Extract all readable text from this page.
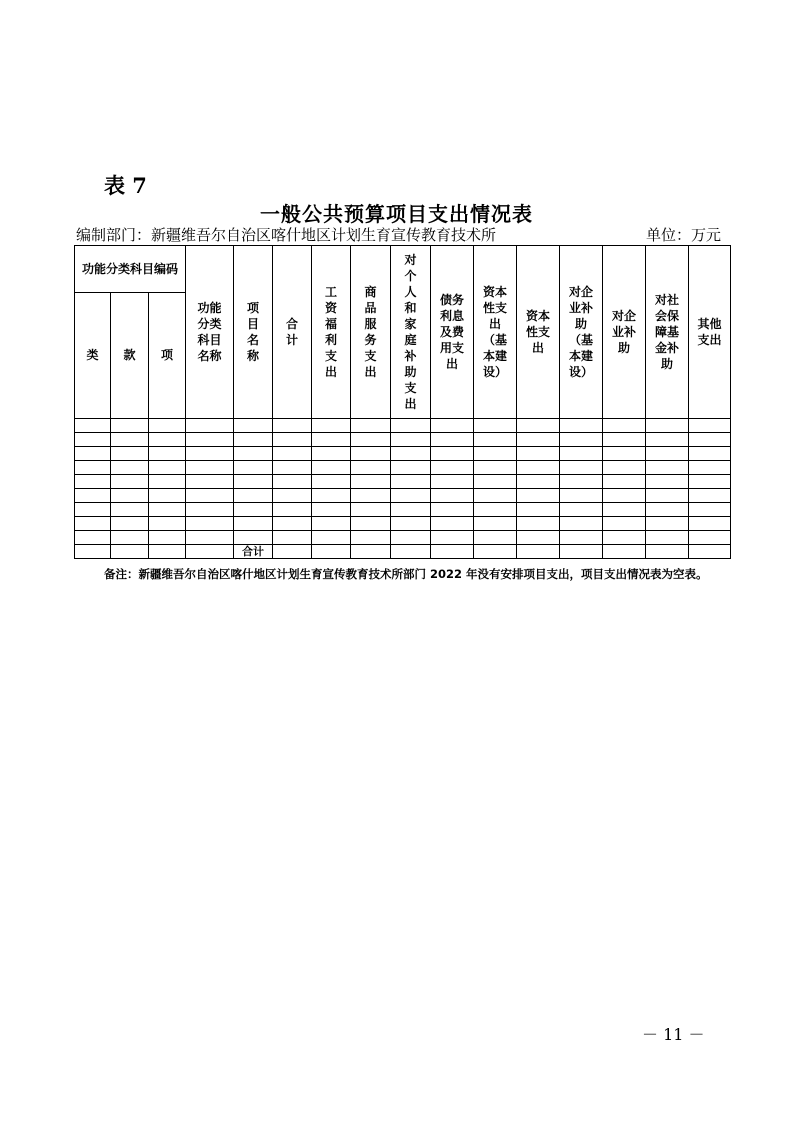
表 7
一般公共预算项目支出情况表
编制部门：新疆维吾尔自治区喀什地区计划生育宣传教育技术所	单位：万元
功能分类科目编码			功能分类科目名称	项目名称	合计	工资福利支出	商品服务支出	对个人和家庭补助支出	债务利息及费用支出	资本性支出（基本建设）	资本性支出	对企业补助（基本建设）	对企业补助	对社会保障基金补助	其他支出
类	款	项													

				合计											
备注：新疆维吾尔自治区喀什地区计划生育宣传教育技术所部门 2022 年没有安排项目支出，项目支出情况表为空表。
－ 11 －
